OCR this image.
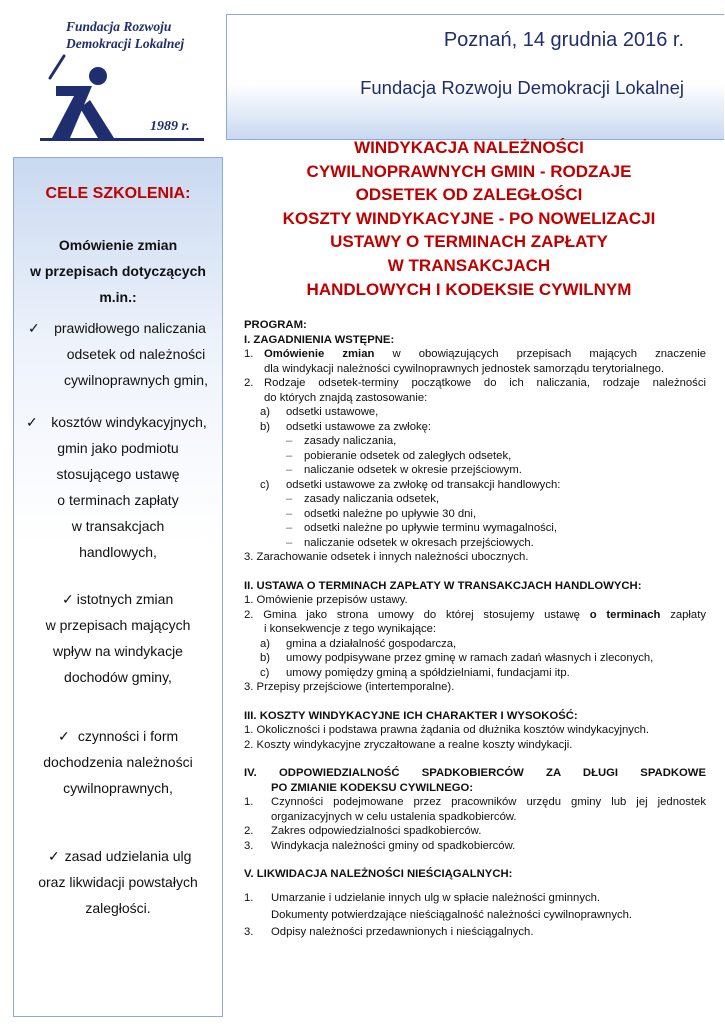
Fundacja Rozwoju
Demokracji Lokalnej
1989 r.
Poznań, 14 grudnia 2016 r.
Fundacja Rozwoju Demokracji Lokalnej
WINDYKACJA NALEŻNOŚCI
CYWILNOPRAWNYCH GMIN - RODZAJE
ODSETEK OD ZALEGŁOŚCI
KOSZTY WINDYKACYJNE - PO NOWELIZACJI
USTAWY O TERMINACH ZAPŁATY
W TRANSAKCJACH
HANDLOWYCH I KODEKSIE CYWILNYM
CELE SZKOLENIA:
Omówienie zmian
w przepisach dotyczących
m.in.:
✓	prawidłowego naliczania
odsetek od należności
cywilnoprawnych gmin,
✓ kosztów windykacyjnych,
gmin jako podmiotu
stosującego ustawę
o terminach zapłaty
w transakcjach
handlowych,
✓ istotnych zmian
w przepisach mających
wpływ na windykacje
dochodów gminy,
✓ czynności i form
dochodzenia należności
cywilnoprawnych,
✓ zasad udzielania ulg
oraz likwidacji powstałych
zaległości.
PROGRAM:
I. ZAGADNIENIA WSTĘPNE:
1. Omówienie zmian w obowiązujących przepisach mających znaczenie
dla windykacji należności cywilnoprawnych jednostek samorządu terytorialnego.
2. Rodzaje odsetek-terminy początkowe do ich naliczania, rodzaje należności
do których znajdą zastosowanie:
a) odsetki ustawowe,
b) odsetki ustawowe za zwłokę:
– zasady naliczania,
– pobieranie odsetek od zaległych odsetek,
– naliczanie odsetek w okresie przejściowym.
c) odsetki ustawowe za zwłokę od transakcji handlowych:
– zasady naliczania odsetek,
– odsetki należne po upływie 30 dni,
– odsetki należne po upływie terminu wymagalności,
– naliczanie odsetek w okresach przejściowych.
3. Zarachowanie odsetek i innych należności ubocznych.
II. USTAWA O TERMINACH ZAPŁATY W TRANSAKCJACH HANDLOWYCH:
1. Omówienie przepisów ustawy.
2. Gmina jako strona umowy do której stosujemy ustawę o terminach zapłaty
i konsekwencje z tego wynikające:
a) gmina a działalność gospodarcza,
b) umowy podpisywane przez gminę w ramach zadań własnych i zleconych,
c) umowy pomiędzy gminą a spółdzielniami, fundacjami itp.
3. Przepisy przejściowe (intertemporalne).
III. KOSZTY WINDYKACYJNE ICH CHARAKTER I WYSOKOŚĆ:
1. Okoliczności i podstawa prawna żądania od dłużnika kosztów windykacyjnych.
2. Koszty windykacyjne zryczałtowane a realne koszty windykacji.
IV. ODPOWIEDZIALNOŚĆ SPADKOBIERCÓW ZA DŁUGI SPADKOWE
PO ZMIANIE KODEKSU CYWILNEGO:
1. Czynności podejmowane przez pracowników urzędu gminy lub jej jednostek
organizacyjnych w celu ustalenia spadkobierców.
2. Zakres odpowiedzialności spadkobierców.
3. Windykacja należności gminy od spadkobierców.
V. LIKWIDACJA NALEŻNOŚCI NIEŚCIĄGALNYCH:
1. Umarzanie i udzielanie innych ulg w spłacie należności gminnych.
Dokumenty potwierdzające nieściągalność należności cywilnoprawnych.
3. Odpisy należności przedawnionych i nieściągalnych.
